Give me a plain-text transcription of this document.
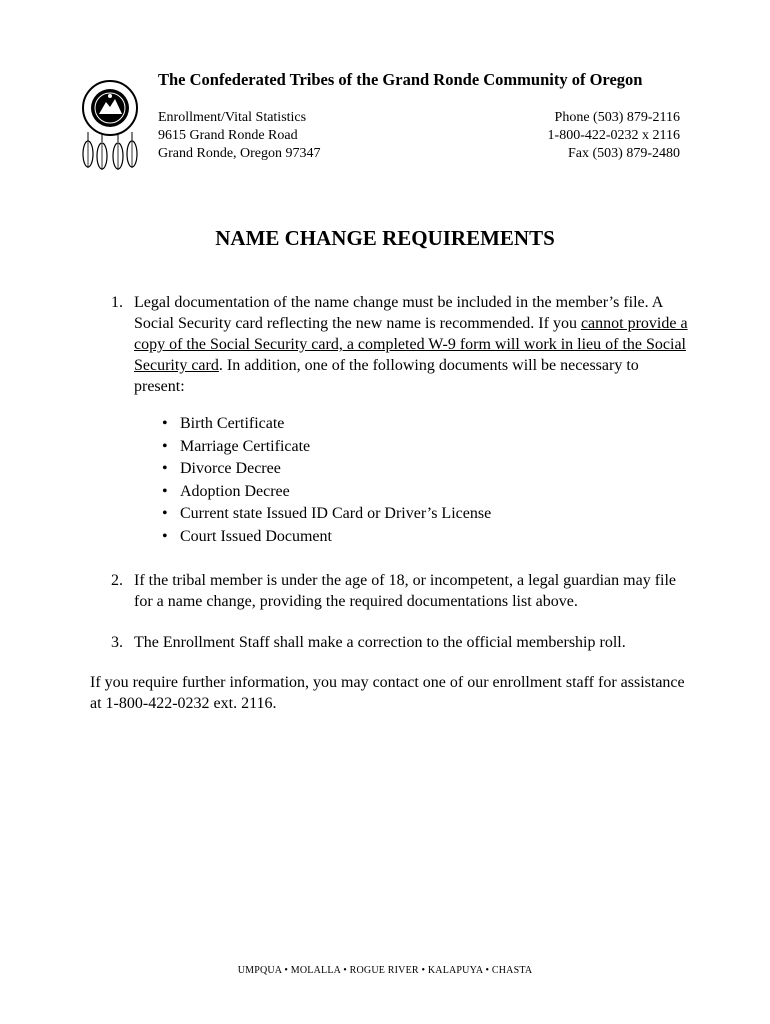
The Confederated Tribes of the Grand Ronde Community of Oregon
Enrollment/Vital Statistics
9615 Grand Ronde Road
Grand Ronde, Oregon 97347
Phone (503) 879-2116
1-800-422-0232 x 2116
Fax (503) 879-2480
NAME CHANGE REQUIREMENTS
1. Legal documentation of the name change must be included in the member’s file. A Social Security card reflecting the new name is recommended. If you cannot provide a copy of the Social Security card, a completed W-9 form will work in lieu of the Social Security card. In addition, one of the following documents will be necessary to present:
• Birth Certificate
• Marriage Certificate
• Divorce Decree
• Adoption Decree
• Current state Issued ID Card or Driver’s License
• Court Issued Document
2. If the tribal member is under the age of 18, or incompetent, a legal guardian may file for a name change, providing the required documentations list above.
3. The Enrollment Staff shall make a correction to the official membership roll.
If you require further information, you may contact one of our enrollment staff for assistance at 1-800-422-0232 ext. 2116.
UMPQUA • MOLALLA • ROGUE RIVER • KALAPUYA • CHASTA
